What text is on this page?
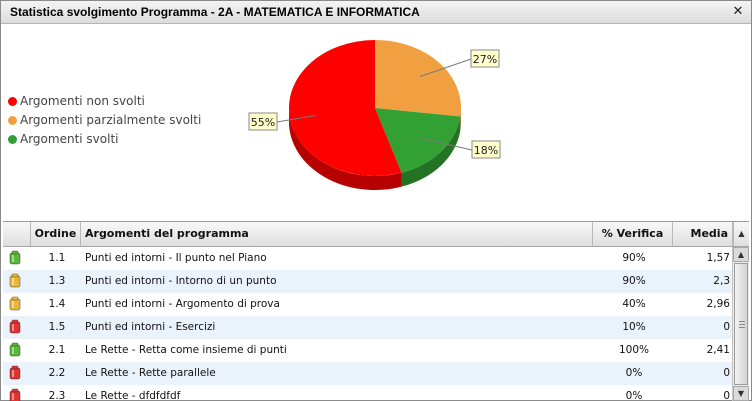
Statistica svolgimento Programma - 2A - MATEMATICA E INFORMATICA	✕
Argomenti non svolti
Argomenti parzialmente svolti
Argomenti svolti
27%
18%
55%
Ordine Argomenti del programma	% Verifica	Media	▲
1.1	Punti ed intorni - Il punto nel Piano	90%	1,57
1.3	Punti ed intorni - Intorno di un punto	90%	2,3
1.4	Punti ed intorni - Argomento di prova	40%	2,96
1.5	Punti ed intorni - Esercizi	10%	0
2.1	Le Rette - Retta come insieme di punti	100%	2,41
2.2	Le Rette - Rette parallele	0%	0
2.3	Le Rette - dfdfdfdf	0%	0
▲
▼
